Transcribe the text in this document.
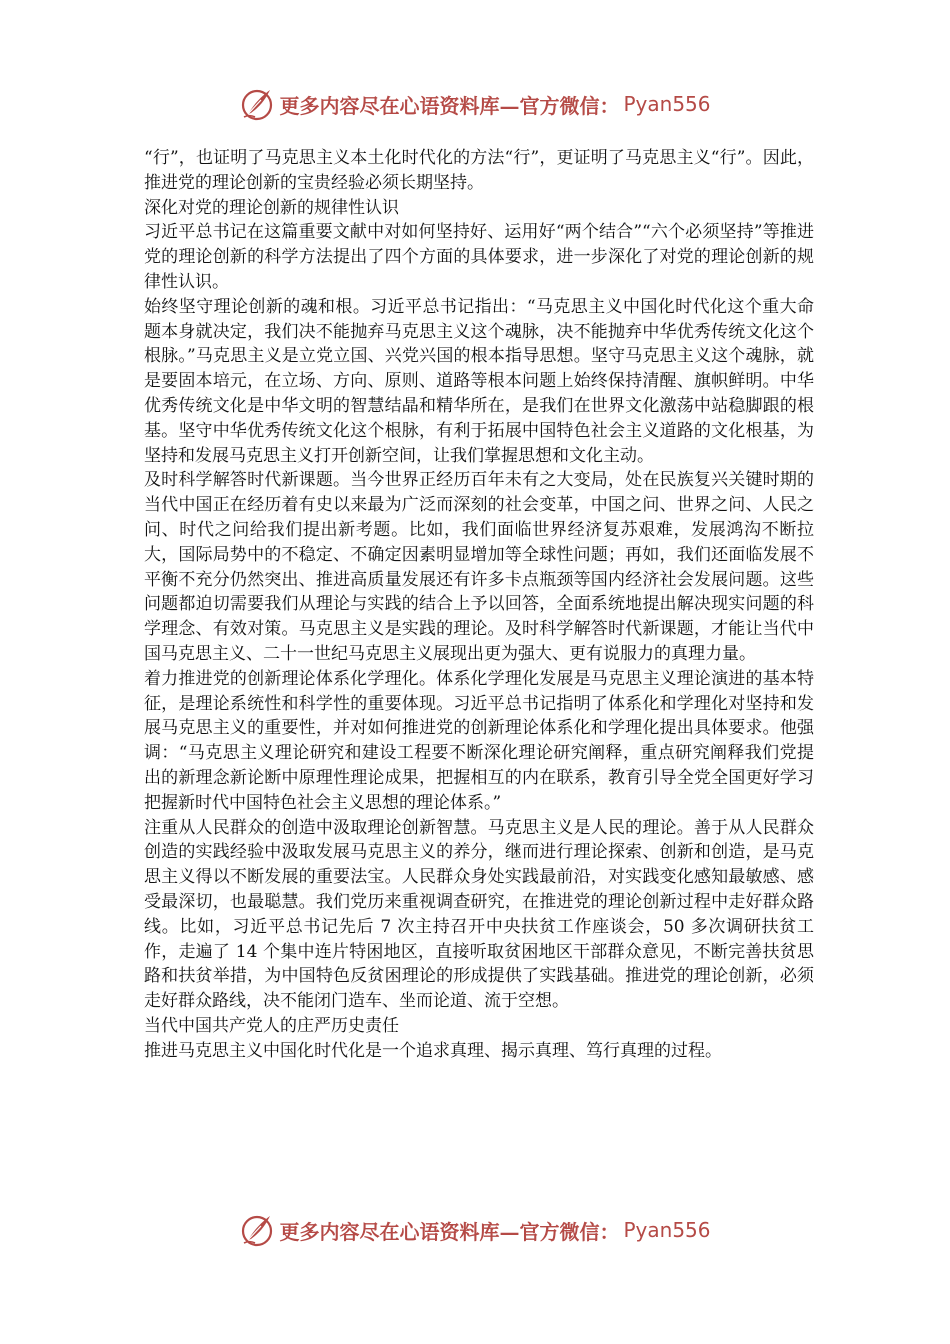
更多内容尽在心语资料库—官方微信： Pyan556

“行”，也证明了马克思主义本土化时代化的方法“行”，更证明了马克思主义“行”。因此，推进党的理论创新的宝贵经验必须长期坚持。

深化对党的理论创新的规律性认识

习近平总书记在这篇重要文献中对如何坚持好、运用好“两个结合”“六个必须坚持”等推进党的理论创新的科学方法提出了四个方面的具体要求，进一步深化了对党的理论创新的规律性认识。

始终坚守理论创新的魂和根。习近平总书记指出：“马克思主义中国化时代化这个重大命题本身就决定，我们决不能抛弃马克思主义这个魂脉，决不能抛弃中华优秀传统文化这个根脉。”马克思主义是立党立国、兴党兴国的根本指导思想。坚守马克思主义这个魂脉，就是要固本培元，在立场、方向、原则、道路等根本问题上始终保持清醒、旗帜鲜明。中华优秀传统文化是中华文明的智慧结晶和精华所在，是我们在世界文化激荡中站稳脚跟的根基。坚守中华优秀传统文化这个根脉，有利于拓展中国特色社会主义道路的文化根基，为坚持和发展马克思主义打开创新空间，让我们掌握思想和文化主动。

及时科学解答时代新课题。当今世界正经历百年未有之大变局，处在民族复兴关键时期的当代中国正在经历着有史以来最为广泛而深刻的社会变革，中国之问、世界之问、人民之问、时代之问给我们提出新考题。比如，我们面临世界经济复苏艰难，发展鸿沟不断拉大，国际局势中的不稳定、不确定因素明显增加等全球性问题；再如，我们还面临发展不平衡不充分仍然突出、推进高质量发展还有许多卡点瓶颈等国内经济社会发展问题。这些问题都迫切需要我们从理论与实践的结合上予以回答，全面系统地提出解决现实问题的科学理念、有效对策。马克思主义是实践的理论。及时科学解答时代新课题，才能让当代中国马克思主义、二十一世纪马克思主义展现出更为强大、更有说服力的真理力量。

着力推进党的创新理论体系化学理化。体系化学理化发展是马克思主义理论演进的基本特征，是理论系统性和科学性的重要体现。习近平总书记指明了体系化和学理化对坚持和发展马克思主义的重要性，并对如何推进党的创新理论体系化和学理化提出具体要求。他强调：“马克思主义理论研究和建设工程要不断深化理论研究阐释，重点研究阐释我们党提出的新理念新论断中原理性理论成果，把握相互的内在联系，教育引导全党全国更好学习把握新时代中国特色社会主义思想的理论体系。”

注重从人民群众的创造中汲取理论创新智慧。马克思主义是人民的理论。善于从人民群众创造的实践经验中汲取发展马克思主义的养分，继而进行理论探索、创新和创造，是马克思主义得以不断发展的重要法宝。人民群众身处实践最前沿，对实践变化感知最敏感、感受最深切，也最聪慧。我们党历来重视调查研究，在推进党的理论创新过程中走好群众路线。比如，习近平总书记先后 7 次主持召开中央扶贫工作座谈会，50 多次调研扶贫工作，走遍了 14 个集中连片特困地区，直接听取贫困地区干部群众意见，不断完善扶贫思路和扶贫举措，为中国特色反贫困理论的形成提供了实践基础。推进党的理论创新，必须走好群众路线，决不能闭门造车、坐而论道、流于空想。

当代中国共产党人的庄严历史责任

推进马克思主义中国化时代化是一个追求真理、揭示真理、笃行真理的过程。

更多内容尽在心语资料库—官方微信： Pyan556
